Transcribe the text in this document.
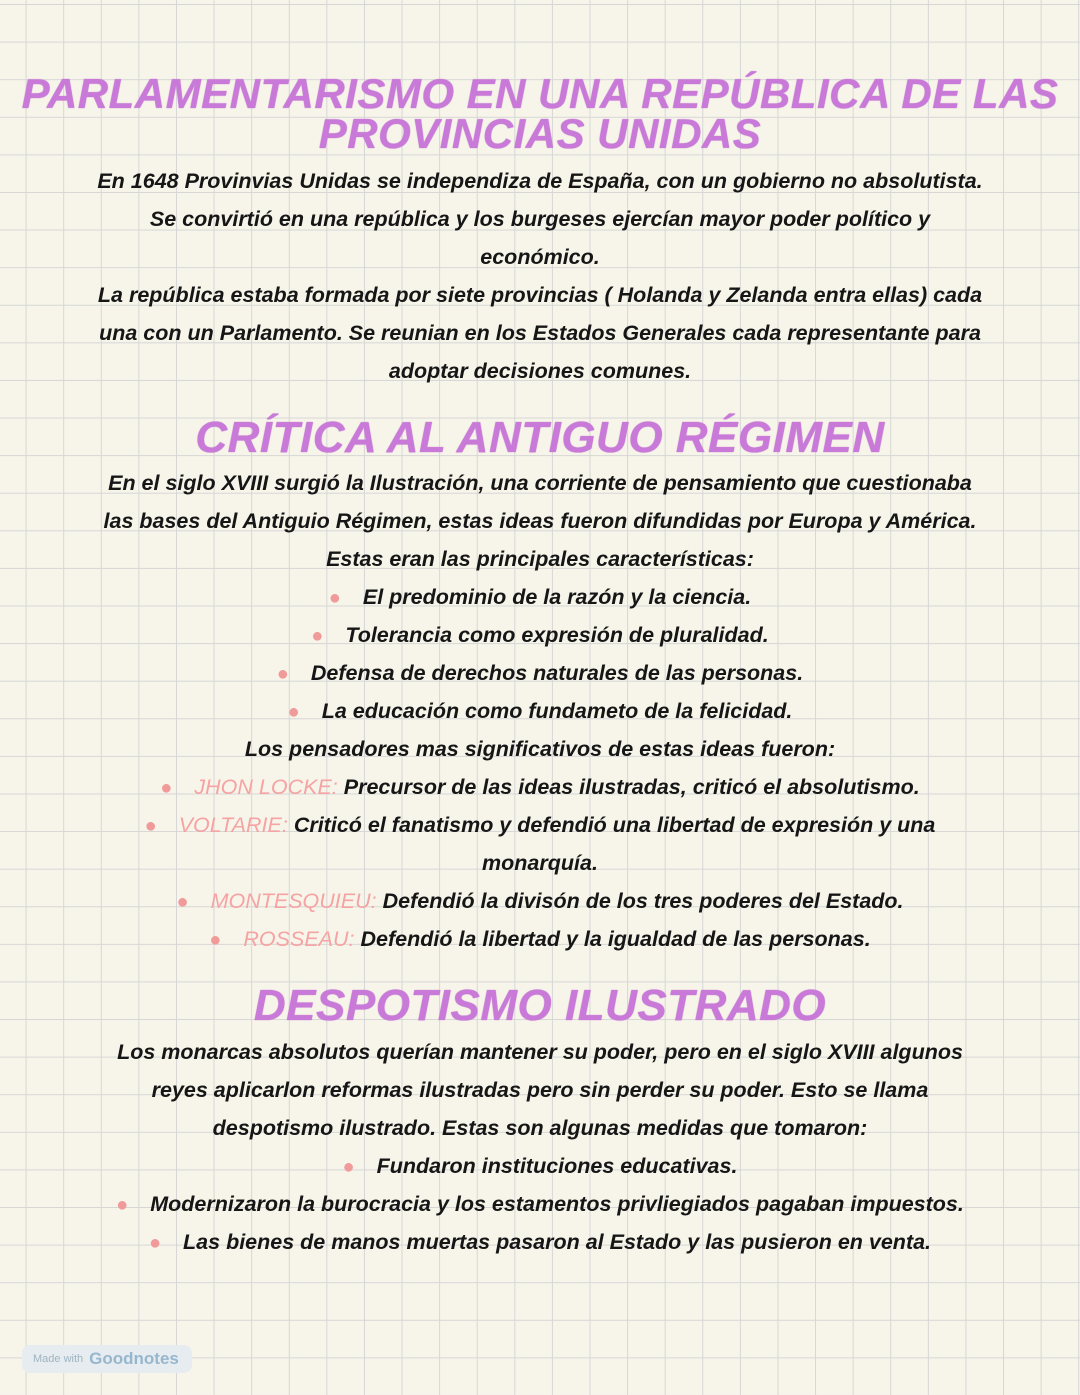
PARLAMENTARISMO EN UNA REPÚBLICA DE LAS PROVINCIAS UNIDAS
En 1648 Provinvias Unidas se independiza de España, con un gobierno no absolutista.
Se convirtió en una república y los burgeses ejercían mayor poder político y
económico.
La república estaba formada por siete provincias ( Holanda y Zelanda entra ellas) cada
una con un Parlamento. Se reunian en los Estados Generales cada representante para
adoptar decisiones comunes.
CRÍTICA AL ANTIGUO RÉGIMEN
En el siglo XVIII surgió la Ilustración, una corriente de pensamiento que cuestionaba
las bases del Antiguio Régimen, estas ideas fueron difundidas por Europa y América.
Estas eran las principales características:
● El predominio de la razón y la ciencia.
● Tolerancia como expresión de pluralidad.
● Defensa de derechos naturales de las personas.
● La educación como fundameto de la felicidad.
Los pensadores mas significativos de estas ideas fueron:
● JHON LOCKE: Precursor de las ideas ilustradas, criticó el absolutismo.
● VOLTARIE: Criticó el fanatismo y defendió una libertad de expresión y una
monarquía.
● MONTESQUIEU: Defendió la divisón de los tres poderes del Estado.
● ROSSEAU: Defendió la libertad y la igualdad de las personas.
DESPOTISMO ILUSTRADO
Los monarcas absolutos querían mantener su poder, pero en el siglo XVIII algunos
reyes aplicarlon reformas ilustradas pero sin perder su poder. Esto se llama
despotismo ilustrado. Estas son algunas medidas que tomaron:
● Fundaron instituciones educativas.
● Modernizaron la burocracia y los estamentos privliegiados pagaban impuestos.
● Las bienes de manos muertas pasaron al Estado y las pusieron en venta.
Made with Goodnotes
